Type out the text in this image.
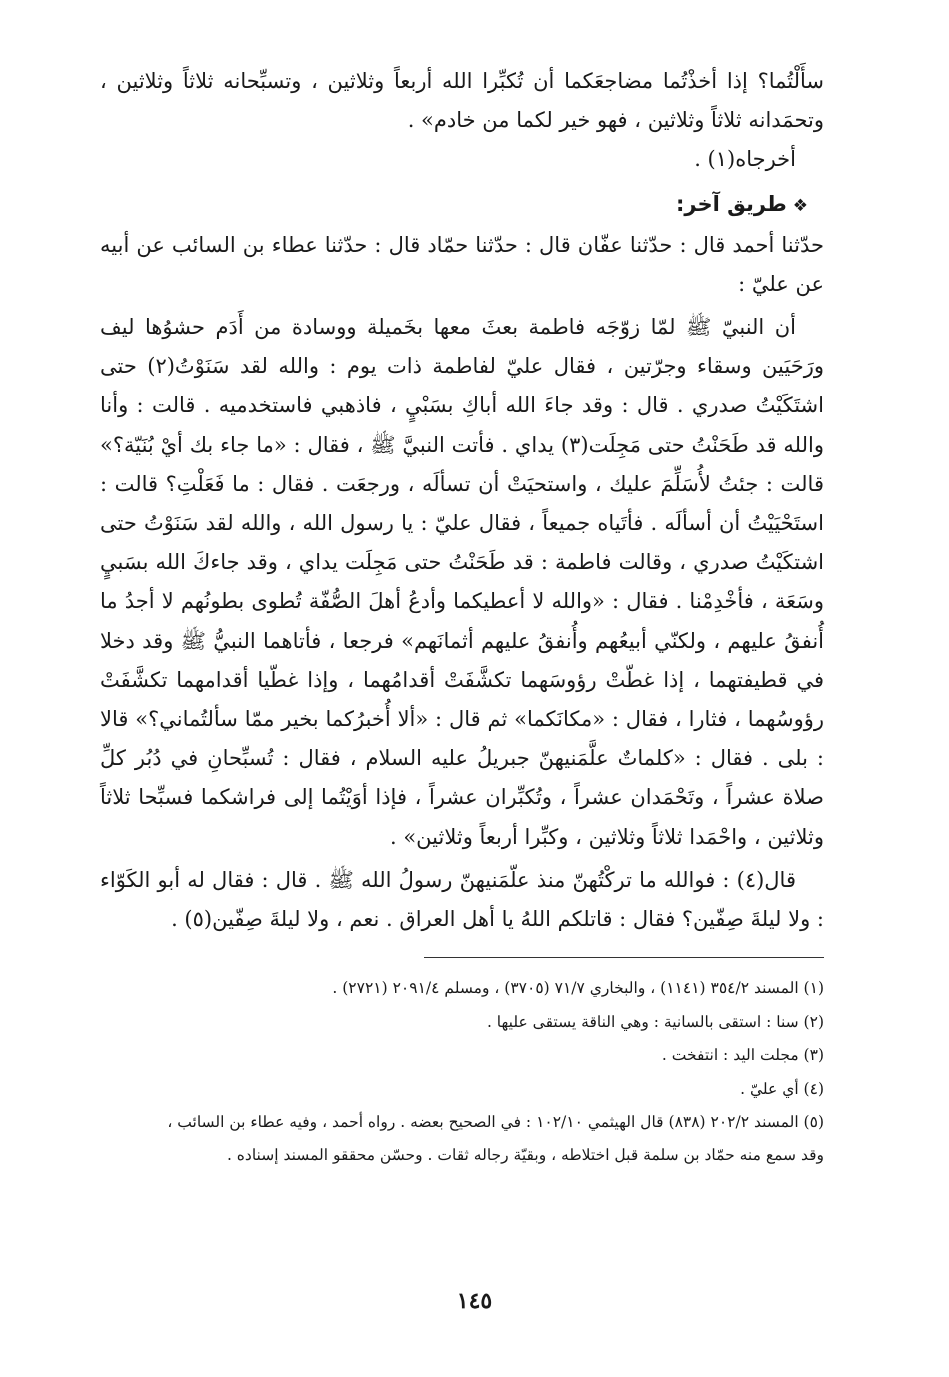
سأَلْتُما؟ إذا أخذْتُما مضاجعَكما أن تُكبِّرا الله أربعاً وثلاثين ، وتسبِّحانه ثلاثاً وثلاثين ، وتحمَدانه ثلاثاً وثلاثين ، فهو خير لكما من خادم» .

أخرجاه(١) .

❖طريق آخر:

حدّثنا أحمد قال : حدّثنا عفّان قال : حدّثنا حمّاد قال : حدّثنا عطاء بن السائب عن أبيه عن عليّ :

أن النبيّ ﷺ لمّا زوّجَه فاطمة بعثَ معها بخَميلة ووسادة من أَدَم حشوُها ليف ورَحَيَين وسقاء وجرّتين ، فقال عليّ لفاطمة ذات يوم : والله لقد سَنَوْتُ(٢) حتى اشتَكَيْتُ صدري . قال : وقد جاءَ الله أباكِ بسَبْيٍ ، فاذهبي فاستخدميه . قالت : وأنا والله قد طَحَنْتُ حتى مَجِلَت(٣) يداي . فأتت النبيَّ ﷺ ، فقال : «ما جاء بك أيْ بُنَيّة؟» قالت : جئتُ لأُسَلِّمَ عليك ، واستحيَتْ أن تسألَه ، ورجعَت . فقال : ما فَعَلْتِ؟ قالت : استَحْيَيْتُ أن أسألَه . فأتَياه جميعاً ، فقال عليّ : يا رسول الله ، والله لقد سَنَوْتُ حتى اشتكَيْتُ صدري ، وقالت فاطمة : قد طَحَنْتُ حتى مَجِلَت يداي ، وقد جاءكَ الله بسَبيٍ وسَعَة ، فأخْدِمْنا . فقال : «والله لا أعطيكما وأدعُ أهلَ الصُّفّة تُطوى بطونُهم لا أجدُ ما أُنفقُ عليهم ، ولكنّي أبيعُهم وأُنفقُ عليهم أثمانَهم» فرجعا ، فأتاهما النبيُّ ﷺ وقد دخلا في قطيفتهما ، إذا غطّتْ رؤوسَهما تكشَّفَتْ أقدامُهما ، وإذا غطّيا أقدامهما تكشَّفَتْ رؤوسُهما ، فثارا ، فقال : «مكانَكما» ثم قال : «ألا أُخبرُكما بخير ممّا سألتُماني؟» قالا : بلى . فقال : «كلماتٌ علَّمَنيهنّ جبريلُ عليه السلام ، فقال : تُسبِّحانِ في دُبُر كلِّ صلاة عشراً ، وتَحْمَدان عشراً ، وتُكبِّران عشراً ، فإذا أوَيْتُما إلى فراشكما فسبِّحا ثلاثاً وثلاثين ، واحْمَدا ثلاثاً وثلاثين ، وكبِّرا أربعاً وثلاثين» .

قال(٤) : فوالله ما تركْتُهنّ منذ علّمَنيهنّ رسولُ الله ﷺ . قال : فقال له أبو الكَوّاء : ولا ليلةَ صِفّين؟ فقال : قاتلكم اللهُ يا أهل العراق . نعم ، ولا ليلةَ صِفّين(٥) .

(١) المسند ٣٥٤/٢ (١١٤١) ، والبخاري ٧١/٧ (٣٧٠٥) ، ومسلم ٢٠٩١/٤ (٢٧٢١) .

(٢) سنا : استقى بالسانية : وهي الناقة يستقى عليها .

(٣) مجلت اليد : انتفخت .

(٤) أي عليّ .

(٥) المسند ٢٠٢/٢ (٨٣٨) قال الهيثمي ١٠٢/١٠ : في الصحيح بعضه . رواه أحمد ، وفيه عطاء بن السائب ،

وقد سمع منه حمّاد بن سلمة قبل اختلاطه ، وبقيّة رجاله ثقات . وحسّن محققو المسند إسناده .

١٤٥
